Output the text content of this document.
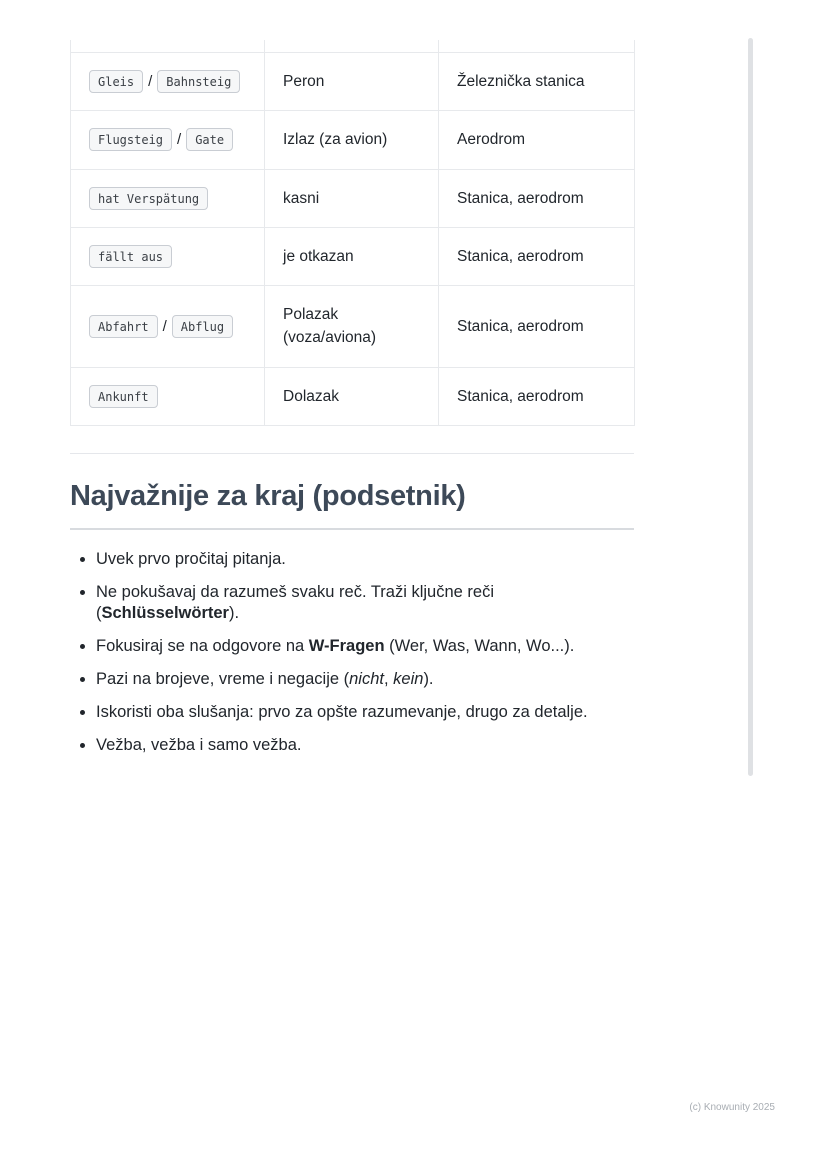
Gleis / Bahnsteig	Peron	Železnička stanica
Flugsteig / Gate	Izlaz (za avion)	Aerodrom
hat Verspätung	kasni	Stanica, aerodrom
fällt aus	je otkazan	Stanica, aerodrom
Abfahrt / Abflug	Polazak (voza/aviona)	Stanica, aerodrom
Ankunft	Dolazak	Stanica, aerodrom
Najvažnije za kraj (podsetnik)
• Uvek prvo pročitaj pitanja.
• Ne pokušavaj da razumeš svaku reč. Traži ključne reči (Schlüsselwörter).
• Fokusiraj se na odgovore na W-Fragen (Wer, Was, Wann, Wo...).
• Pazi na brojeve, vreme i negacije (nicht, kein).
• Iskoristi oba slušanja: prvo za opšte razumevanje, drugo za detalje.
• Vežba, vežba i samo vežba.
(c) Knowunity 2025
